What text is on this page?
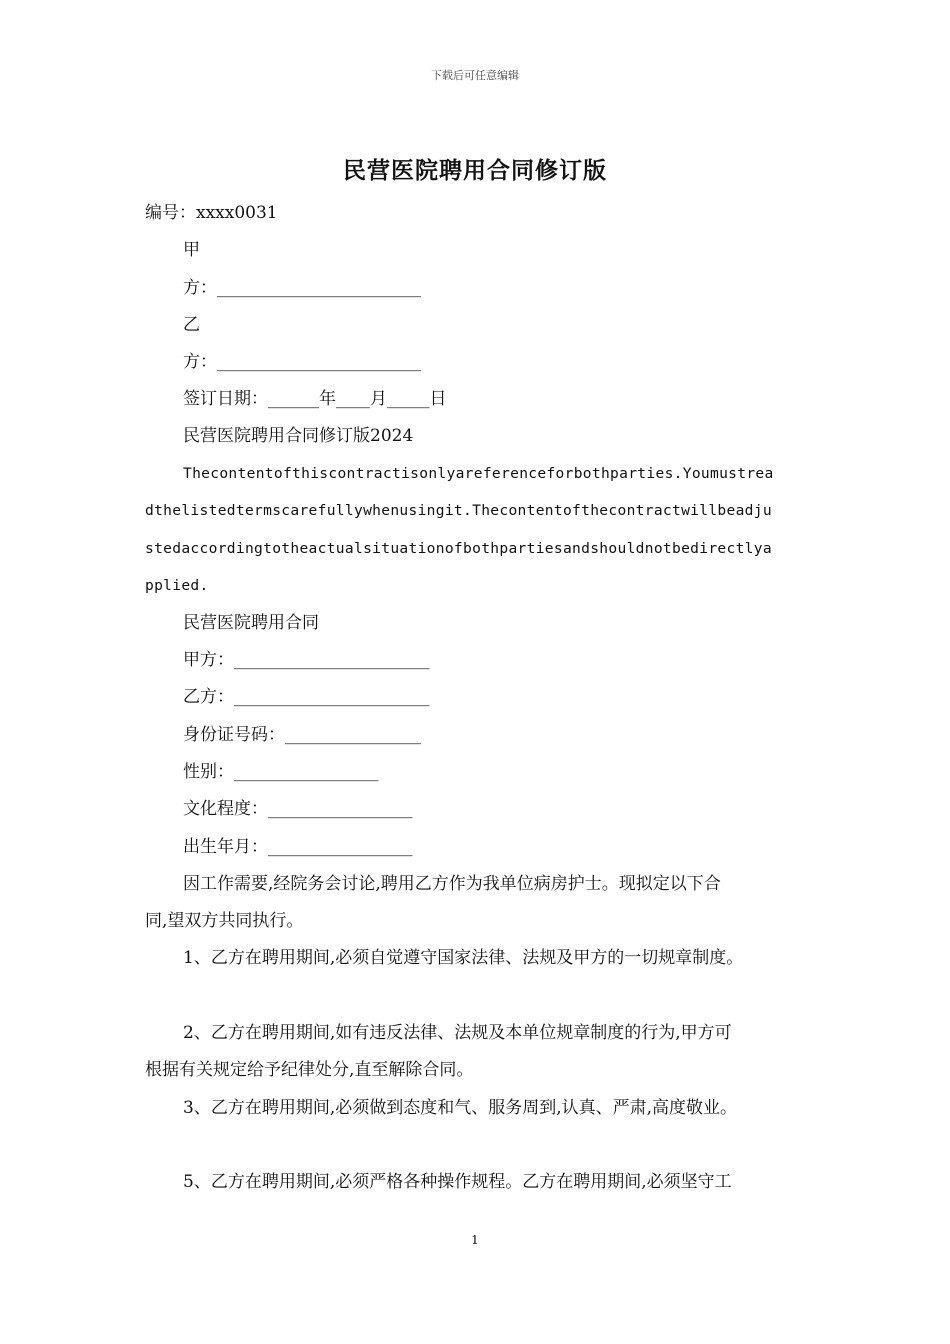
下载后可任意编辑
民营医院聘用合同修订版
编号：xxxx0031
甲
方：________________________
乙
方：________________________
签订日期：______年____月_____日
民营医院聘用合同修订版2024
Thecontentofthiscontractisonlyareferenceforbothparties.Youmustrea
dthelistedtermscarefullywhenusingit.Thecontentofthecontractwillbeadju
stedaccordingtotheactualsituationofbothpartiesandshouldnotbedirectlya
pplied.
民营医院聘用合同
甲方：_______________________
乙方：_______________________
身份证号码：________________
性别：_________________
文化程度：_________________
出生年月：_________________
因工作需要,经院务会讨论,聘用乙方作为我单位病房护士。现拟定以下合
同,望双方共同执行。
1、乙方在聘用期间,必须自觉遵守国家法律、法规及甲方的一切规章制度。
2、乙方在聘用期间,如有违反法律、法规及本单位规章制度的行为,甲方可
根据有关规定给予纪律处分,直至解除合同。
3、乙方在聘用期间,必须做到态度和气、服务周到,认真、严肃,高度敬业。
5、乙方在聘用期间,必须严格各种操作规程。乙方在聘用期间,必须坚守工
1
